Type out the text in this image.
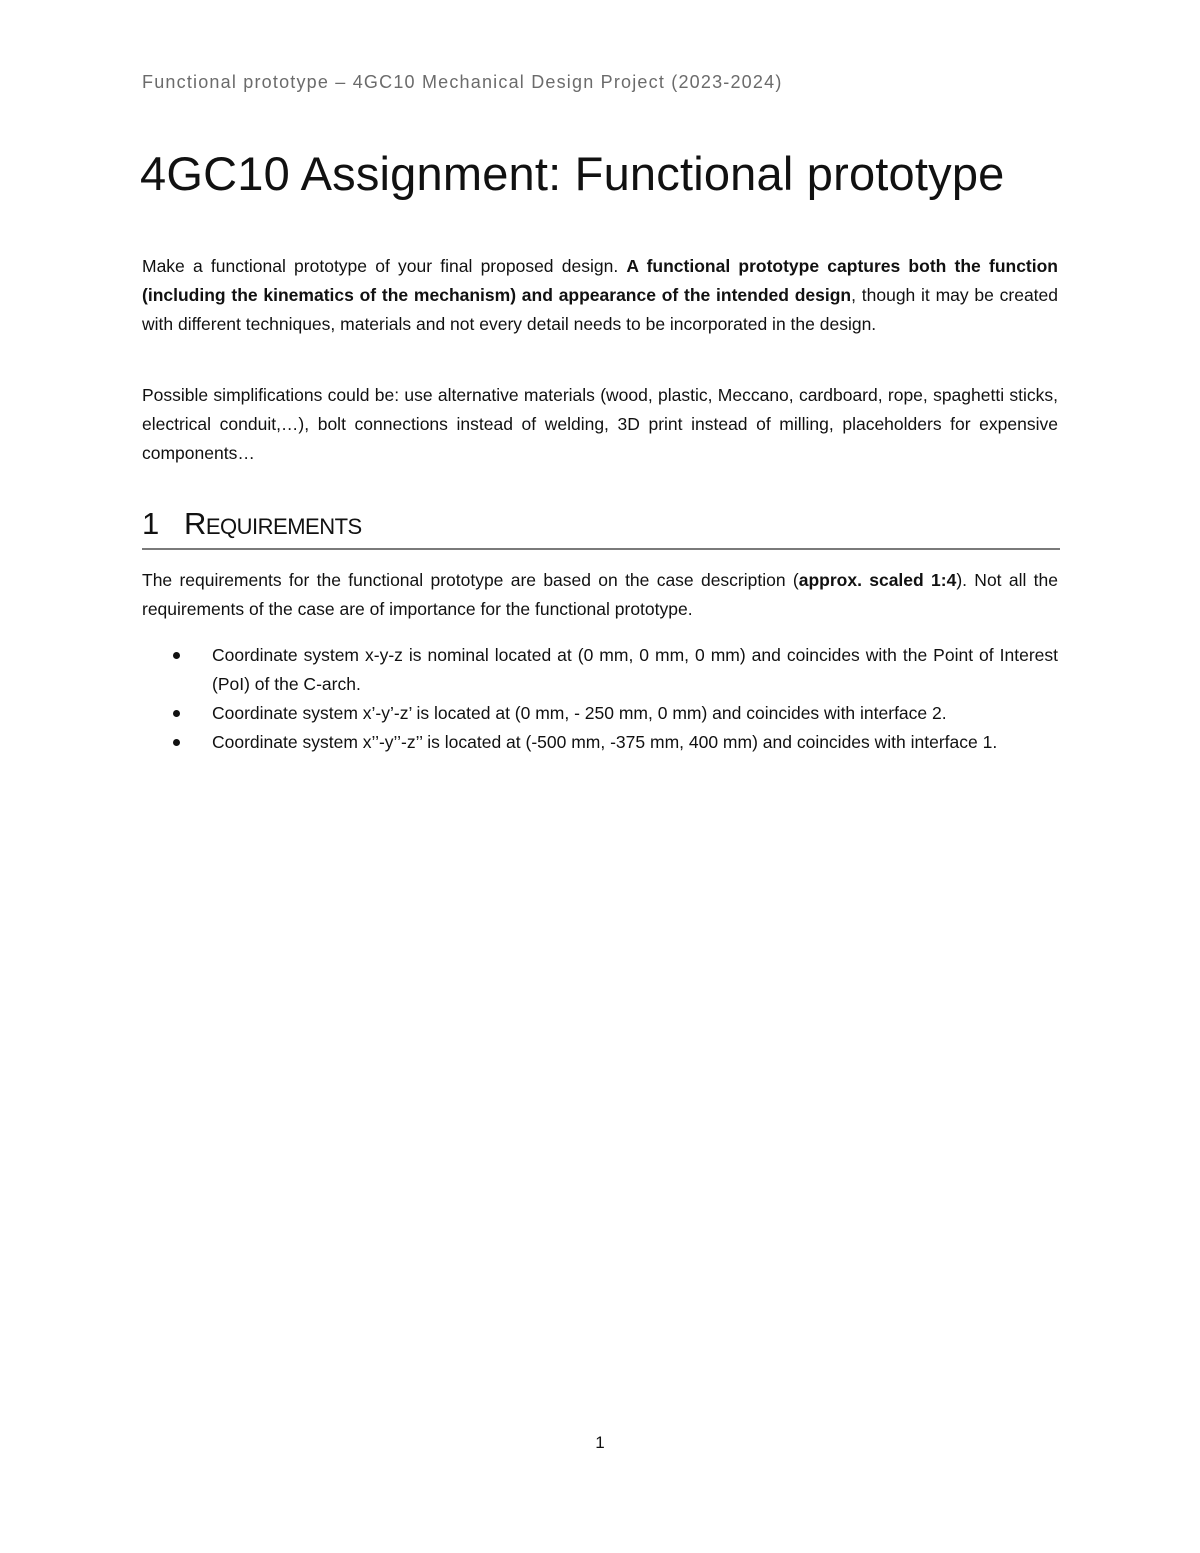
Functional prototype – 4GC10 Mechanical Design Project (2023-2024)
4GC10 Assignment: Functional prototype

Make a functional prototype of your final proposed design. A functional prototype captures both the function (including the kinematics of the mechanism) and appearance of the intended design, though it may be created with different techniques, materials and not every detail needs to be incorporated in the design.

Possible simplifications could be: use alternative materials (wood, plastic, Meccano, cardboard, rope, spaghetti sticks, electrical conduit,…), bolt connections instead of welding, 3D print instead of milling, placeholders for expensive components…

1 Requirements

The requirements for the functional prototype are based on the case description (approx. scaled 1:4). Not all the requirements of the case are of importance for the functional prototype.

Coordinate system x-y-z is nominal located at (0 mm, 0 mm, 0 mm) and coincides with the Point of Interest (PoI) of the C-arch.
Coordinate system x’-y’-z’ is located at (0 mm, - 250 mm, 0 mm) and coincides with interface 2.
Coordinate system x’’-y’’-z’’ is located at (-500 mm, -375 mm, 400 mm) and coincides with interface 1.
1
